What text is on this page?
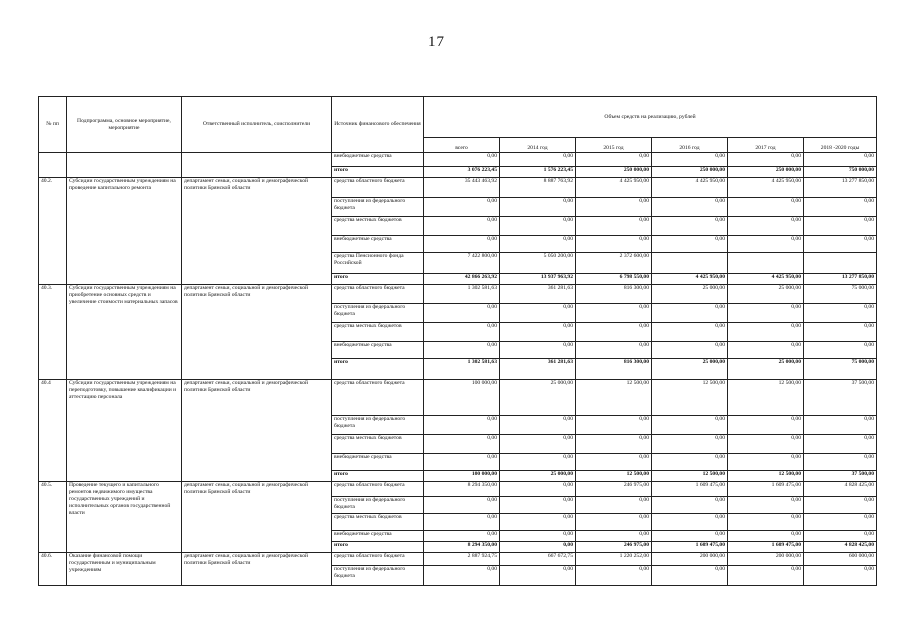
17
№ пп	Подпрограмма, основное мероприятие, мероприятие	Ответственный исполнитель, соисполнители	Источник финансового обеспечения	Объем средств на реализацию, рублей					
				всего	2014 год	2015 год	2016 год	2017 год	2018 -2020 годы
			внебюджетные средства	0,00	0,00	0,00	0,00	0,00	0,00
			итого	3 076 223,45	1 576 223,45	250 000,00	250 000,00	250 000,00	750 000,00
40.2.	Субсидии государственным учреждениям на проведение капитального ремонта	департамент семьи, социальной и демографической политики Брянской области	средства областного бюджета	35 443 463,92	8 887 763,92	4 425 950,00	4 425 950,00	4 425 950,00	13 277 850,00
			поступления из федерального бюджета	0,00	0,00	0,00	0,00	0,00	0,00
			средства местных бюджетов	0,00	0,00	0,00	0,00	0,00	0,00
			внебюджетные средства	0,00	0,00	0,00	0,00	0,00	0,00
			средства Пенсионного фонда Российской	7 422 800,00	5 050 200,00	2 372 600,00			
			итого	42 866 263,92	13 937 963,92	6 798 550,00	4 425 950,00	4 425 950,00	13 277 850,00
40.3.	Субсидии государственным учреждениям на приобретение основных средств и увеличение стоимости материальных запасов	департамент семьи, социальной и демографической политики Брянской области	средства областного бюджета	1 302 581,63	361 281,63	816 300,00	25 000,00	25 000,00	75 000,00
			поступления из федерального бюджета	0,00	0,00	0,00	0,00	0,00	0,00
			средства местных бюджетов	0,00	0,00	0,00	0,00	0,00	0,00
			внебюджетные средства	0,00	0,00	0,00	0,00	0,00	0,00
			итого	1 302 581,63	361 281,63	816 300,00	25 000,00	25 000,00	75 000,00
40.4	Субсидии государственным учреждениям на переподготовку, повышение квалификации и аттестацию персонала	департамент семьи, социальной и демографической политики Брянской области	средства областного бюджета	100 000,00	25 000,00	12 500,00	12 500,00	12 500,00	37 500,00
			поступления из федерального бюджета	0,00	0,00	0,00	0,00	0,00	0,00
			средства местных бюджетов	0,00	0,00	0,00	0,00	0,00	0,00
			внебюджетные средства	0,00	0,00	0,00	0,00	0,00	0,00
			итого	100 000,00	25 000,00	12 500,00	12 500,00	12 500,00	37 500,00
40.5.	Проведение текущего и капитального ремонтов недвижимого имущества государственных учреждений и исполнительных органов государственной власти	департамент семьи, социальной и демографической политики Брянской области	средства областного бюджета	8 294 350,00	0,00	246 975,00	1 609 475,00	1 609 475,00	4 828 425,00
			поступления из федерального бюджета	0,00	0,00	0,00	0,00	0,00	0,00
			средства местных бюджетов	0,00	0,00	0,00	0,00	0,00	0,00
			внебюджетные средства	0,00	0,00	0,00	0,00	0,00	0,00
			итого	8 294 350,00	0,00	246 975,00	1 609 475,00	1 609 475,00	4 828 425,00
40.6.	Оказание финансовой помощи государственным и муниципальным учреждениям	департамент семьи, социальной и демографической политики Брянской области	средства областного бюджета	2 887 924,75	667 672,75	1 220 252,00	200 000,00	200 000,00	600 000,00
			поступления из федерального бюджета	0,00	0,00	0,00	0,00	0,00	0,00
